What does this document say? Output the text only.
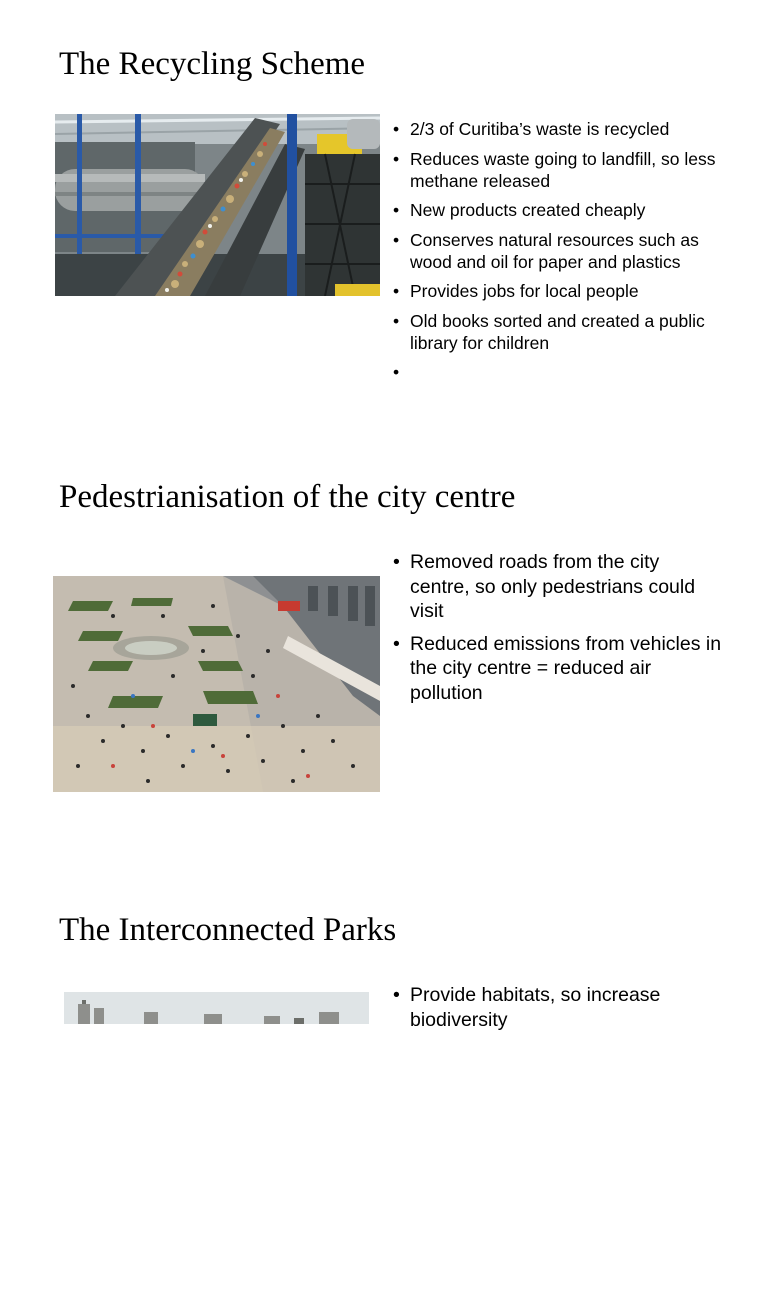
The Recycling Scheme
• 2/3 of Curitiba’s waste is recycled
• Reduces waste going to landfill, so less methane released
• New products created cheaply
• Conserves natural resources such as wood and oil for paper and plastics
• Provides jobs for local people
• Old books sorted and created a public library for children
•
Pedestrianisation of the city centre
• Removed roads from the city centre, so only pedestrians could visit
• Reduced emissions from vehicles in the city centre = reduced air pollution
The Interconnected Parks
• Provide habitats, so increase biodiversity
